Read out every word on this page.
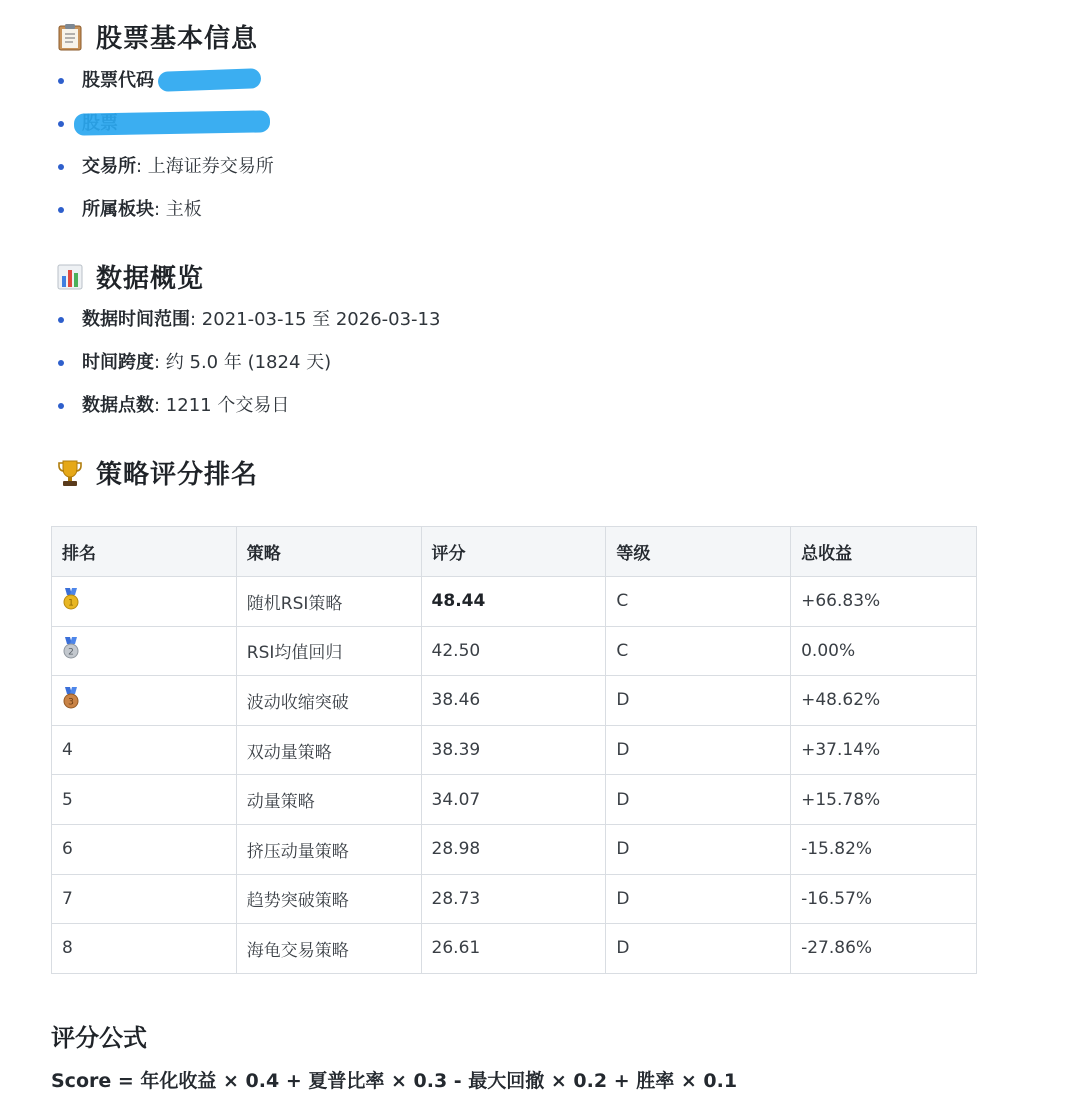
股票基本信息
股票代码
交易所: 上海证券交易所
所属板块: 主板
数据概览
数据时间范围: 2021-03-15 至 2026-03-13
时间跨度: 约 5.0 年 (1824 天)
数据点数: 1211 个交易日
策略评分排名
排名	策略	评分	等级	总收益

1	随机RSI策略	48.44	C	+66.83%

2	RSI均值回归	42.50	C	0.00%

3	波动收缩突破	38.46	D	+48.62%
4	双动量策略	38.39	D	+37.14%
5	动量策略	34.07	D	+15.78%
6	挤压动量策略	28.98	D	-15.82%
7	趋势突破策略	28.73	D	-16.57%
8	海龟交易策略	26.61	D	-27.86%
评分公式
Score = 年化收益 × 0.4 + 夏普比率 × 0.3 - 最大回撤 × 0.2 + 胜率 × 0.1
